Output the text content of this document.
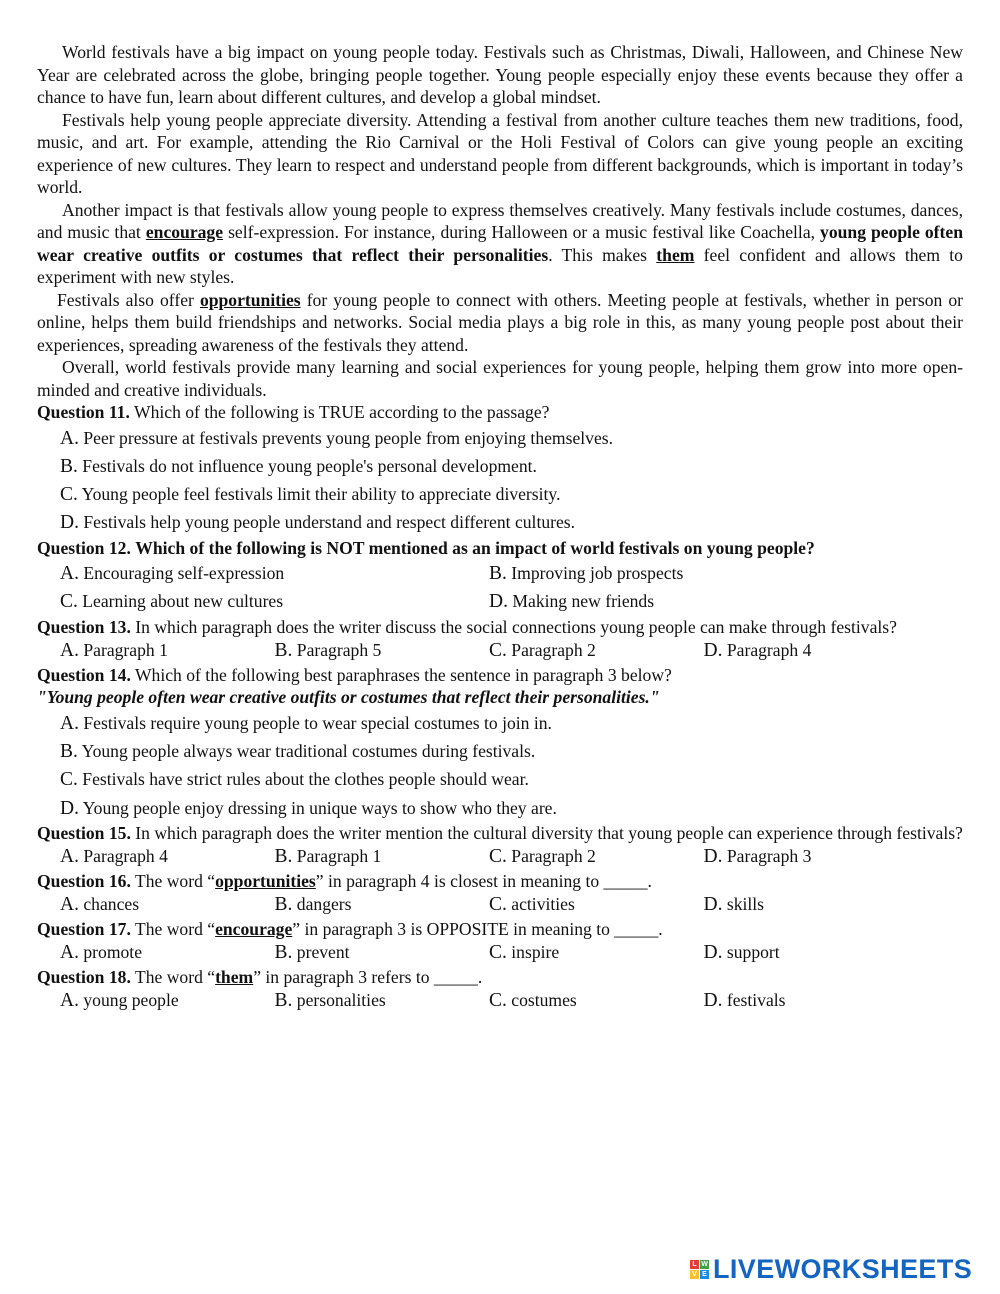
World festivals have a big impact on young people today. Festivals such as Christmas, Diwali, Halloween, and Chinese New Year are celebrated across the globe, bringing people together. Young people especially enjoy these events because they offer a chance to have fun, learn about different cultures, and develop a global mindset.

Festivals help young people appreciate diversity. Attending a festival from another culture teaches them new traditions, food, music, and art. For example, attending the Rio Carnival or the Holi Festival of Colors can give young people an exciting experience of new cultures. They learn to respect and understand people from different backgrounds, which is important in today’s world.

Another impact is that festivals allow young people to express themselves creatively. Many festivals include costumes, dances, and music that encourage self-expression. For instance, during Halloween or a music festival like Coachella, young people often wear creative outfits or costumes that reflect their personalities. This makes them feel confident and allows them to experiment with new styles.

Festivals also offer opportunities for young people to connect with others. Meeting people at festivals, whether in person or online, helps them build friendships and networks. Social media plays a big role in this, as many young people post about their experiences, spreading awareness of the festivals they attend.

Overall, world festivals provide many learning and social experiences for young people, helping them grow into more open-minded and creative individuals.

Question 11. Which of the following is TRUE according to the passage?

A. Peer pressure at festivals prevents young people from enjoying themselves.
B. Festivals do not influence young people's personal development.
C. Young people feel festivals limit their ability to appreciate diversity.
D. Festivals help young people understand and respect different cultures.

Question 12. Which of the following is NOT mentioned as an impact of world festivals on young people?

A. Encouraging self-expression	B. Improving job prospects
C. Learning about new cultures	D. Making new friends

Question 13. In which paragraph does the writer discuss the social connections young people can make through festivals?

A. Paragraph 1	B. Paragraph 5	C. Paragraph 2	D. Paragraph 4

Question 14. Which of the following best paraphrases the sentence in paragraph 3 below?

"Young people often wear creative outfits or costumes that reflect their personalities."

A. Festivals require young people to wear special costumes to join in.
B. Young people always wear traditional costumes during festivals.
C. Festivals have strict rules about the clothes people should wear.
D. Young people enjoy dressing in unique ways to show who they are.

Question 15. In which paragraph does the writer mention the cultural diversity that young people can experience through festivals?

A. Paragraph 4	B. Paragraph 1	C. Paragraph 2	D. Paragraph 3

Question 16. The word “opportunities” in paragraph 4 is closest in meaning to _____.

A. chances	B. dangers	C. activities	D. skills

Question 17. The word “encourage” in paragraph 3 is OPPOSITE in meaning to _____.

A. promote	B. prevent	C. inspire	D. support

Question 18. The word “them” in paragraph 3 refers to _____.

A. young people	B. personalities	C. costumes	D. festivals
L W
V E LIVEWORKSHEETS
